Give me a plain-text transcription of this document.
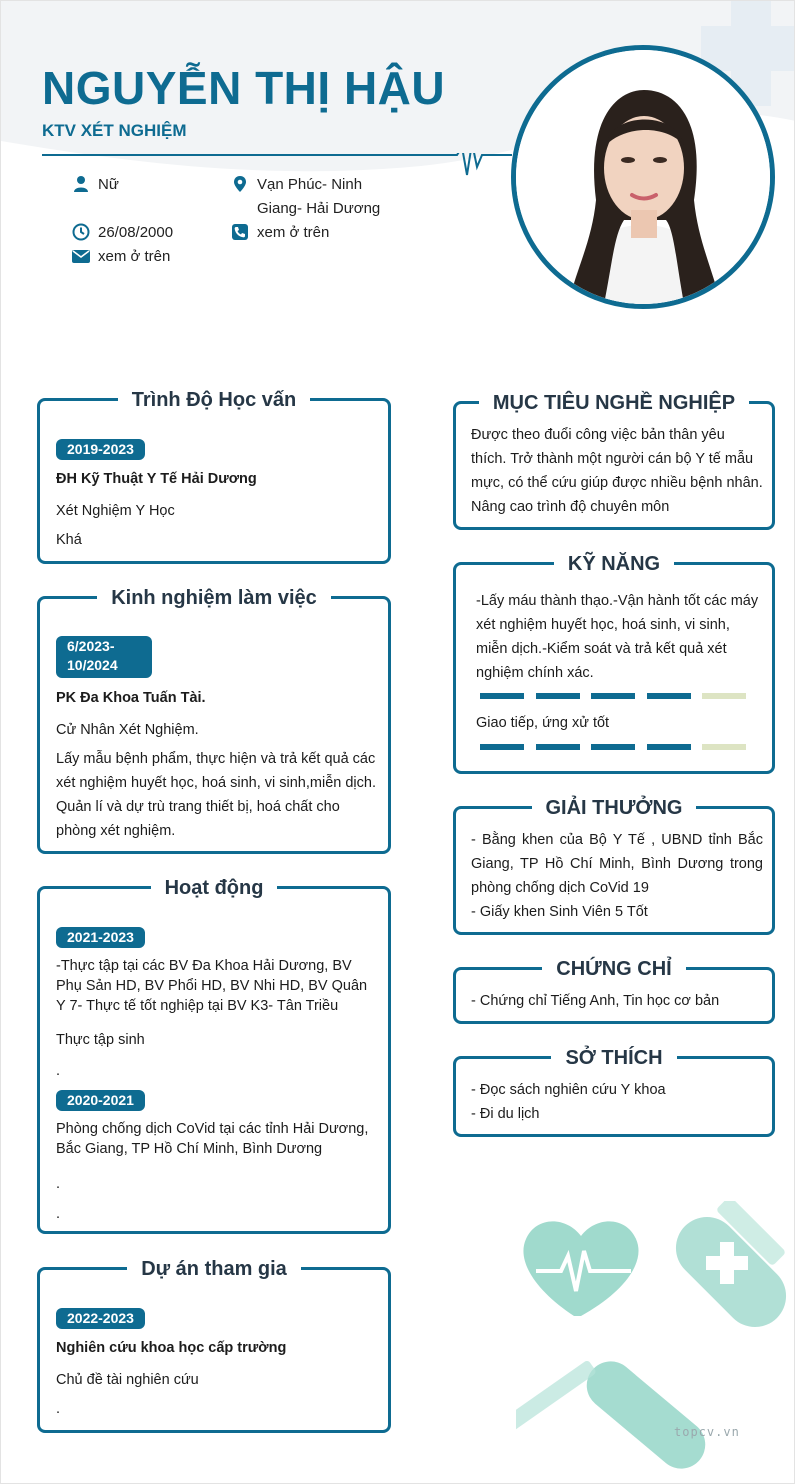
NGUYỄN THỊ HẬU
KTV XÉT NGHIỆM
Nữ	Vạn Phúc- Ninh Giang- Hải Dương
26/08/2000	xem ở trên
xem ở trên
Trình Độ Học vấn
2019-2023
ĐH Kỹ Thuật Y Tế Hải Dương
Xét Nghiệm Y Học
Khá
Kinh nghiệm làm việc
6/2023- 10/2024
PK Đa Khoa Tuấn Tài.
Cử Nhân Xét Nghiệm.
Lấy mẫu bệnh phẩm, thực hiện và trả kết quả các xét nghiệm huyết học, hoá sinh, vi sinh,miễn dịch. Quản lí và dự trù trang thiết bị, hoá chất cho phòng xét nghiệm.
Hoạt động
2021-2023
-Thực tập tại các BV Đa Khoa Hải Dương, BV Phụ Sản HD, BV Phổi HD, BV Nhi HD, BV Quân Y 7- Thực tế tốt nghiệp tại BV K3- Tân Triều
Thực tập sinh
.
2020-2021
Phòng chống dịch CoVid tại các tỉnh Hải Dương, Bắc Giang, TP Hồ Chí Minh, Bình Dương
.
.
Dự án tham gia
2022-2023
Nghiên cứu khoa học cấp trường
Chủ đề tài nghiên cứu
.
MỤC TIÊU NGHỀ NGHIỆP
Được theo đuổi công việc bản thân yêu thích. Trở thành một người cán bộ Y tế mẫu mực, có thể cứu giúp được nhiều bệnh nhân. Nâng cao trình độ chuyên môn
KỸ NĂNG
-Lấy máu thành thạo.-Vận hành tốt các máy xét nghiệm huyết học, hoá sinh, vi sinh, miễn dịch.-Kiểm soát và trả kết quả xét nghiệm chính xác.
Giao tiếp, ứng xử tốt
GIẢI THƯỞNG
- Bằng khen của Bộ Y Tế , UBND tỉnh Bắc Giang, TP Hồ Chí Minh, Bình Dương trong phòng chống dịch CoVid 19
- Giấy khen Sinh Viên 5 Tốt
CHỨNG CHỈ
- Chứng chỉ Tiếng Anh, Tin học cơ bản
SỞ THÍCH
- Đọc sách nghiên cứu Y khoa
- Đi du lịch
topcv.vn
